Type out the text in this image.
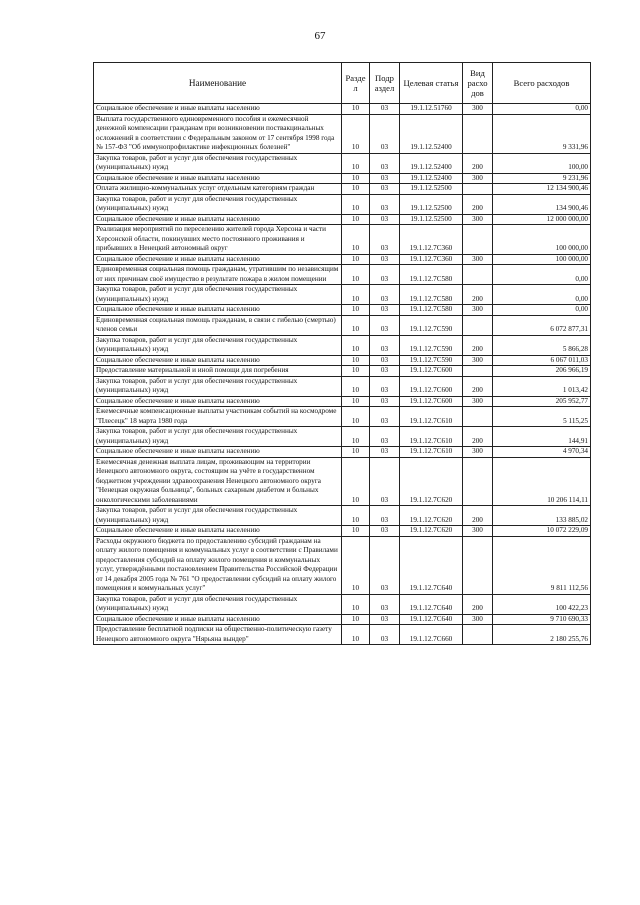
67
Наименование	Разде л	Подр аздел	Целевая статья	Вид расхо дов	Всего расходов
Социальное обеспечение и иные выплаты населению	10	03	19.1.12.51760	300	0,00
Выплата государственного единовременного пособия и ежемесячной денежной компенсации гражданам при возникновении поствакцинальных осложнений в соответствии с Федеральным законом от 17 сентября 1998 года № 157-ФЗ "Об иммунопрофилактике инфекционных болезней"	10	03	19.1.12.52400		9 331,96
Закупка товаров, работ и услуг для обеспечения государственных (муниципальных) нужд	10	03	19.1.12.52400	200	100,00
Социальное обеспечение и иные выплаты населению	10	03	19.1.12.52400	300	9 231,96
Оплата жилищно-коммунальных услуг отдельным категориям граждан	10	03	19.1.12.52500		12 134 900,46
Закупка товаров, работ и услуг для обеспечения государственных (муниципальных) нужд	10	03	19.1.12.52500	200	134 900,46
Социальное обеспечение и иные выплаты населению	10	03	19.1.12.52500	300	12 000 000,00
Реализация мероприятий по переселению жителей города Херсона и части Херсонской области, покинувших место постоянного проживания и прибывших в Ненецкий автономный округ	10	03	19.1.12.7С360		100 000,00
Социальное обеспечение и иные выплаты населению	10	03	19.1.12.7С360	300	100 000,00
Единовременная социальная помощь гражданам, утратившим по независящим от них причинам своё имущество в результате пожара в жилом помещении	10	03	19.1.12.7С580		0,00
Закупка товаров, работ и услуг для обеспечения государственных (муниципальных) нужд	10	03	19.1.12.7С580	200	0,00
Социальное обеспечение и иные выплаты населению	10	03	19.1.12.7С580	300	0,00
Единовременная социальная помощь гражданам, в связи с гибелью (смертью) членов семьи	10	03	19.1.12.7С590		6 072 877,31
Закупка товаров, работ и услуг для обеспечения государственных (муниципальных) нужд	10	03	19.1.12.7С590	200	5 866,28
Социальное обеспечение и иные выплаты населению	10	03	19.1.12.7С590	300	6 067 011,03
Предоставление материальной и иной помощи для погребения	10	03	19.1.12.7С600		206 966,19
Закупка товаров, работ и услуг для обеспечения государственных (муниципальных) нужд	10	03	19.1.12.7С600	200	1 013,42
Социальное обеспечение и иные выплаты населению	10	03	19.1.12.7С600	300	205 952,77
Ежемесячные компенсационные выплаты участникам событий на космодроме "Плесецк" 18 марта 1980 года	10	03	19.1.12.7С610		5 115,25
Закупка товаров, работ и услуг для обеспечения государственных (муниципальных) нужд	10	03	19.1.12.7С610	200	144,91
Социальное обеспечение и иные выплаты населению	10	03	19.1.12.7С610	300	4 970,34
Ежемесячная денежная выплата лицам, проживающим на территории Ненецкого автономного округа, состоящим на учёте в государственном бюджетном учреждении здравоохранения Ненецкого автономного округа "Ненецкая окружная больница", больных сахарным диабетом и больных онкологическими заболеваниями	10	03	19.1.12.7С620		10 206 114,11
Закупка товаров, работ и услуг для обеспечения государственных (муниципальных) нужд	10	03	19.1.12.7С620	200	133 885,02
Социальное обеспечение и иные выплаты населению	10	03	19.1.12.7С620	300	10 072 229,09
Расходы окружного бюджета по предоставлению субсидий гражданам на оплату жилого помещения и коммунальных услуг в соответствии с Правилами предоставления субсидий на оплату жилого помещения и коммунальных услуг, утверждёнными постановлением Правительства Российской Федерации от 14 декабря 2005 года № 761 "О предоставлении субсидий на оплату жилого помещения и коммунальных услуг"	10	03	19.1.12.7С640		9 811 112,56
Закупка товаров, работ и услуг для обеспечения государственных (муниципальных) нужд	10	03	19.1.12.7С640	200	100 422,23
Социальное обеспечение и иные выплаты населению	10	03	19.1.12.7С640	300	9 710 690,33
Предоставление бесплатной подписки на общественно-политическую газету Ненецкого автономного округа "Нярьяна вындер"	10	03	19.1.12.7С660		2 180 255,76
